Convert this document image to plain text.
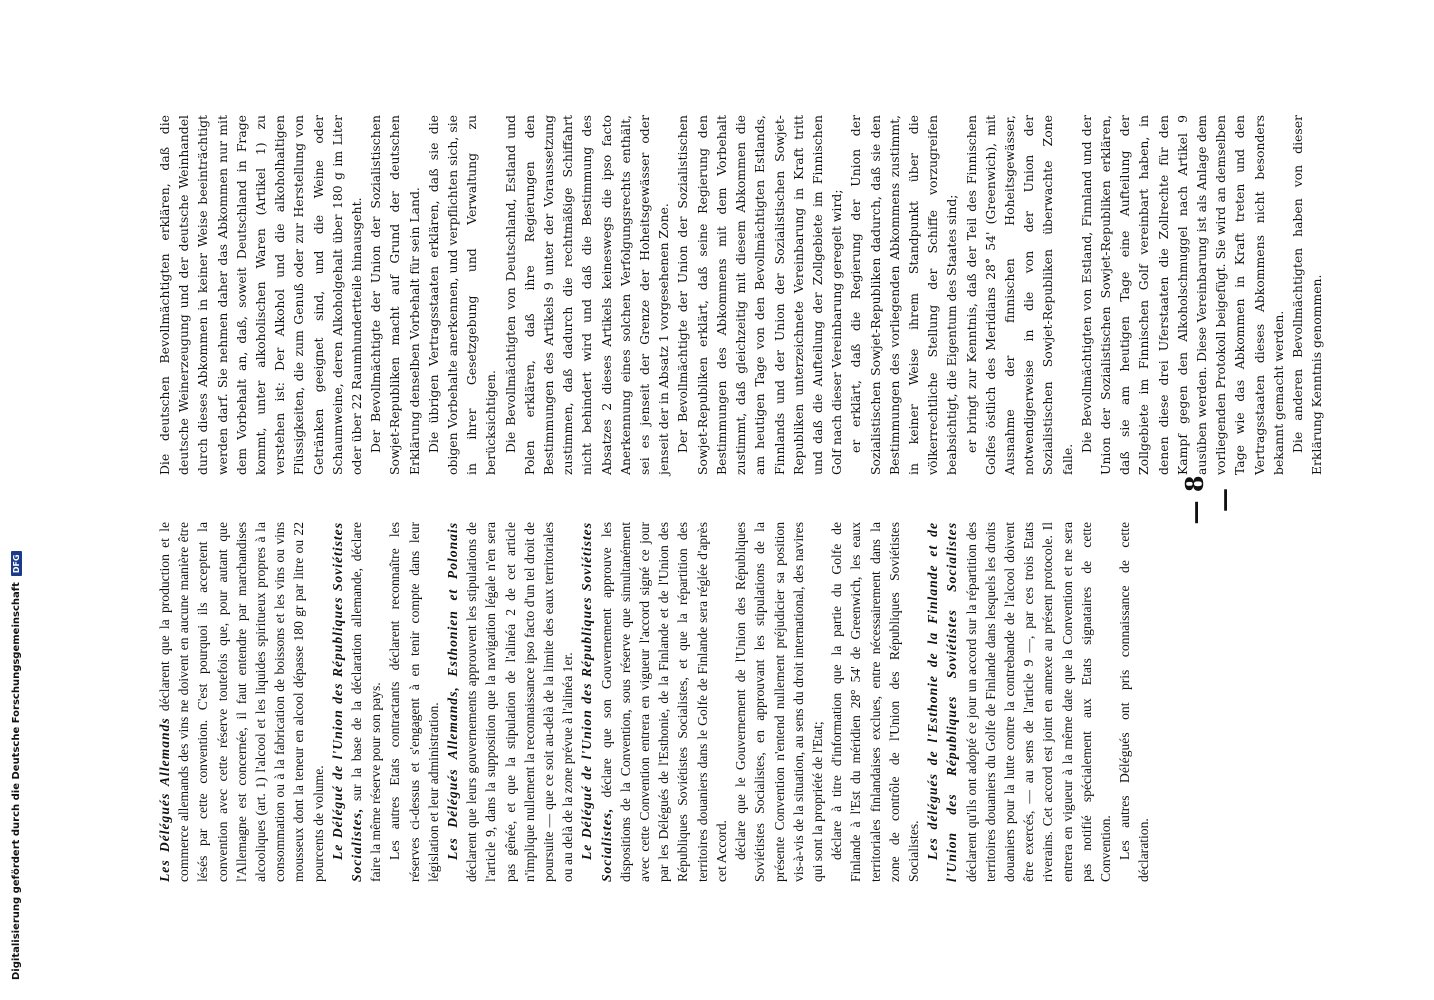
— 8 —

Les Délégués Allemands déclarent que la production et le commerce allemands des vins ne doivent en aucune manière être lésés par cette convention. C'est pourquoi ils acceptent la convention avec cette réserve toutefois que, pour autant que l'Allemagne est concernée, il faut entendre par marchandises alcooliques (art. 1) l'alcool et les liquides spiritueux propres à la consommation ou à la fabrication de boissons et les vins ou vins mousseux dont la teneur en alcool dépasse 180 gr par litre ou 22 pourcents de volume. Le Délégué de l'Union des Républiques Soviétistes Socialistes, sur la base de la déclaration allemande, déclare faire la même réserve pour son pays. Les autres Etats contractants déclarent reconnaître les réserves ci-dessus et s'engagent à en tenir compte dans leur législation et leur administration. Les Délégués Allemands, Esthonien et Polonais déclarent que leurs gouvernements approuvent les stipulations de l'article 9, dans la supposition que la navigation légale n'en sera pas gênée, et que la stipulation de l'alinéa 2 de cet article n'implique nullement la reconnaissance ipso facto d'un tel droit de poursuite — que ce soit au-delà de la limite des eaux territoriales ou au delà de la zone prévue à l'alinéa 1er. Le Délégué de l'Union des Républiques Soviétistes Socialistes, déclare que son Gouvernement approuve les dispositions de la Convention, sous réserve que simultanément avec cette Convention entrera en vigueur l'accord signé ce jour par les Délégués de l'Esthonie, de la Finlande et de l'Union des Républiques Soviétistes Socialistes, et que la répartition des territoires douaniers dans le Golfe de Finlande sera réglée d'après cet Accord. déclare que le Gouvernement de l'Union des Républiques Soviétistes Socialistes, en approuvant les stipulations de la présente Convention n'entend nullement préjudicier sa position vis-à-vis de la situation, au sens du droit international, des navires qui sont la propriété de l'Etat; déclare à titre d'information que la partie du Golfe de Finlande à l'Est du méridien 28° 54' de Greenwich, les eaux territoriales finlandaises exclues, entre nécessairement dans la zone de contrôle de l'Union des Républiques Soviétistes Socialistes. Les délégués de l'Esthonie de la Finlande et de l'Union des Républiques Soviétistes Socialistes déclarent qu'ils ont adopté ce jour un accord sur la répartition des territoires douaniers du Golfe de Finlande dans lesquels les droits douaniers pour la lutte contre la contrebande de l'alcool doivent être exercés, — au sens de l'article 9 —, par ces trois Etats riverains. Cet accord est joint en annexe au présent protocole. Il entrera en vigueur à la même date que la Convention et ne sera pas notifié spécialement aux Etats signataires de cette Convention. Les autres Délégués ont pris connaissance de cette déclaration.

Die deutschen Bevollmächtigten erklären, daß die deutsche Weinerzeugung und der deutsche Weinhandel durch dieses Abkommen in keiner Weise beeinträchtigt werden darf. Sie nehmen daher das Abkommen nur mit dem Vorbehalt an, daß, soweit Deutschland in Frage kommt, unter alkoholischen Waren (Artikel 1) zu verstehen ist: Der Alkohol und die alkoholhaltigen Flüssigkeiten, die zum Genuß oder zur Herstellung von Getränken geeignet sind, und die Weine oder Schaumweine, deren Alkoholgehalt über 180 g im Liter oder über 22 Raumhundertteile hinausgeht. Der Bevollmächtigte der Union der Sozialistischen Sowjet-Republiken macht auf Grund der deutschen Erklärung denselben Vorbehalt für sein Land. Die übrigen Vertragsstaaten erklären, daß sie die obigen Vorbehalte anerkennen, und verpflichten sich, sie in ihrer Gesetzgebung und Verwaltung zu berücksichtigen. Die Bevollmächtigten von Deutschland, Estland und Polen erklären, daß ihre Regierungen den Bestimmungen des Artikels 9 unter der Voraussetzung zustimmen, daß dadurch die rechtmäßige Schiffahrt nicht behindert wird und daß die Bestimmung des Absatzes 2 dieses Artikels keineswegs die ipso facto Anerkennung eines solchen Verfolgungsrechts enthält, sei es jenseit der Grenze der Hoheitsgewässer oder jenseit der in Absatz 1 vorgesehenen Zone. Der Bevollmächtigte der Union der Sozialistischen Sowjet-Republiken erklärt, daß seine Regierung den Bestimmungen des Abkommens mit dem Vorbehalt zustimmt, daß gleichzeitig mit diesem Abkommen die am heutigen Tage von den Bevollmächtigten Estlands, Finnlands und der Union der Sozialistischen Sowjet-Republiken unterzeichnete Vereinbarung in Kraft tritt und daß die Aufteilung der Zollgebiete im Finnischen Golf nach dieser Vereinbarung geregelt wird; er erklärt, daß die Regierung der Union der Sozialistischen Sowjet-Republiken dadurch, daß sie den Bestimmungen des vorliegenden Abkommens zustimmt, in keiner Weise ihrem Standpunkt über die völkerrechtliche Stellung der Schiffe vorzugreifen beabsichtigt, die Eigentum des Staates sind; er bringt zur Kenntnis, daß der Teil des Finnischen Golfes östlich des Meridians 28° 54' (Greenwich), mit Ausnahme der finnischen Hoheitsgewässer, notwendigerweise in die von der Union der Sozialistischen Sowjet-Republiken überwachte Zone falle.

Die Bevollmächtigten von Estland, Finnland und der Union der Sozialistischen Sowjet-Republiken erklären, daß sie am heutigen Tage eine Aufteilung der Zollgebiete im Finnischen Golf vereinbart haben, in denen diese drei Uferstaaten die Zollrechte für den Kampf gegen den Alkoholschmuggel nach Artikel 9 ausüben werden. Diese Vereinbarung ist als Anlage dem vorliegenden Protokoll beigefügt. Sie wird an demselben Tage wie das Abkommen in Kraft treten und den Vertragsstaaten dieses Abkommens nicht besonders bekannt gemacht werden. Die anderen Bevollmächtigten haben von dieser Erklärung Kenntnis genommen.

Digitalisierung gefördert durch die Deutsche Forschungsgemeinschaft
DFG
